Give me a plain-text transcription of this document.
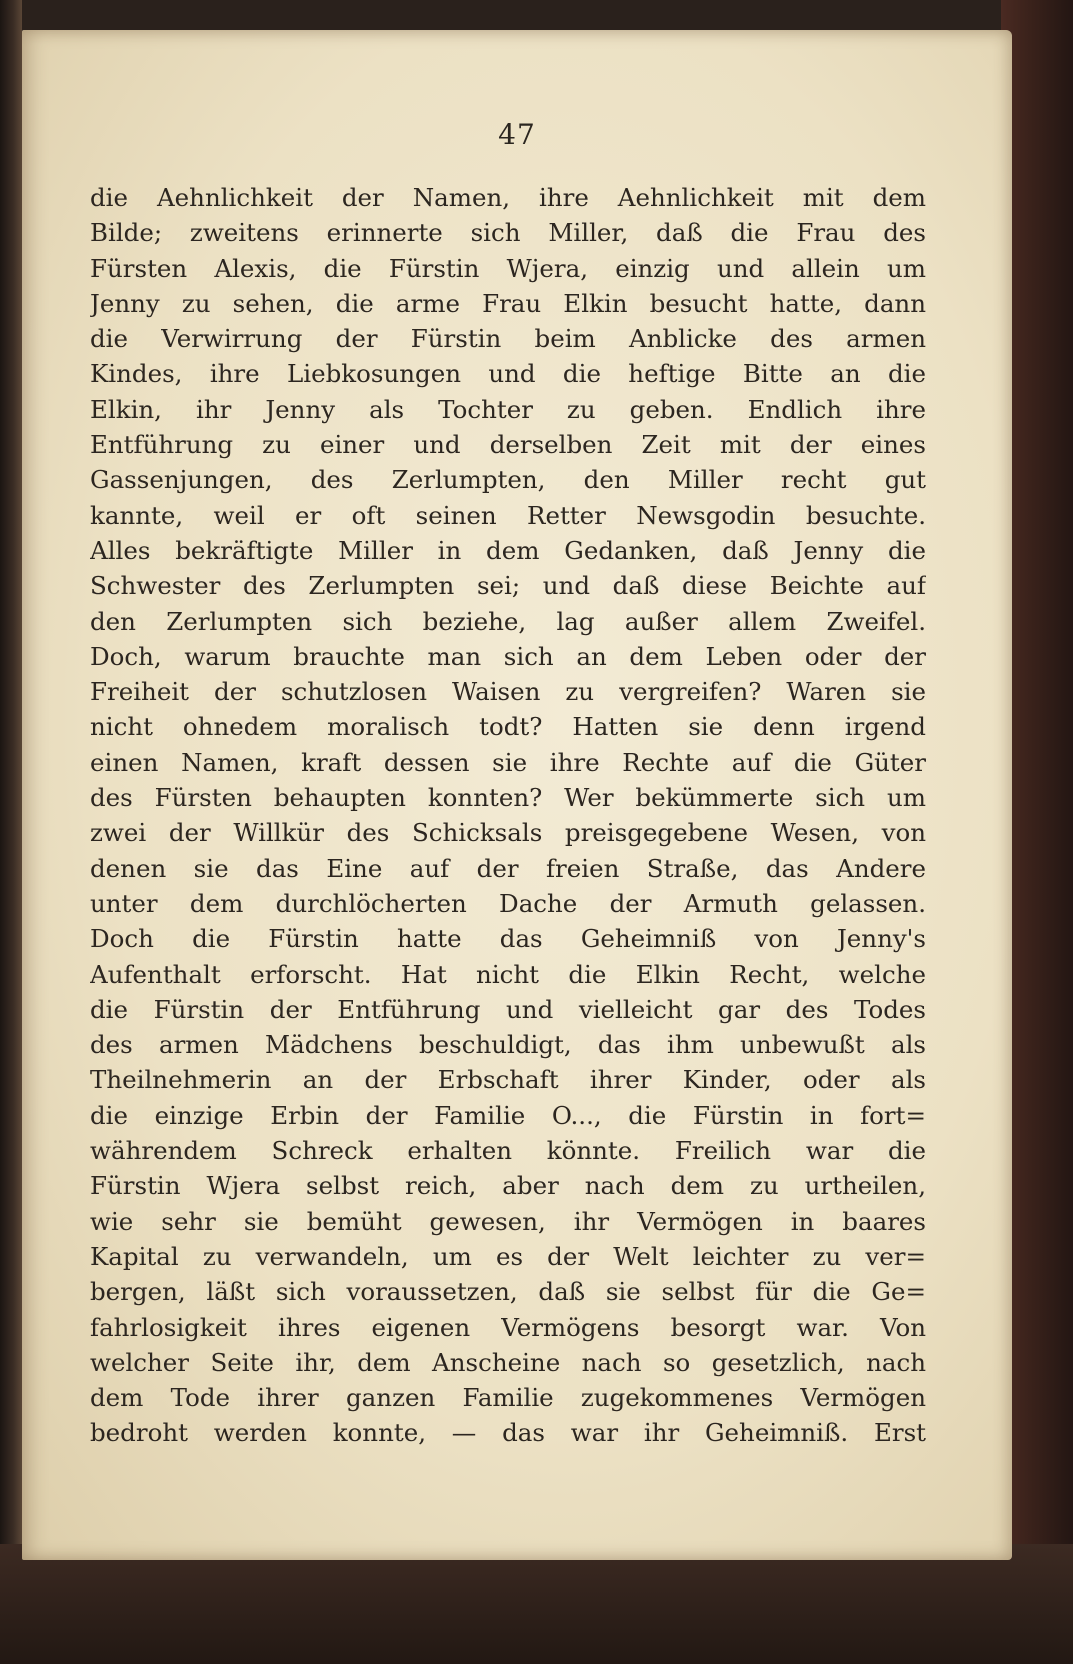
47
die Aehnlichkeit der Namen, ihre Aehnlichkeit mit dem
Bilde; zweitens erinnerte sich Miller, daß die Frau des
Fürsten Alexis, die Fürstin Wjera, einzig und allein um
Jenny zu sehen, die arme Frau Elkin besucht hatte, dann
die Verwirrung der Fürstin beim Anblicke des armen
Kindes, ihre Liebkosungen und die heftige Bitte an die
Elkin, ihr Jenny als Tochter zu geben. Endlich ihre
Entführung zu einer und derselben Zeit mit der eines
Gassenjungen, des Zerlumpten, den Miller recht gut
kannte, weil er oft seinen Retter Newsgodin besuchte.
Alles bekräftigte Miller in dem Gedanken, daß Jenny die
Schwester des Zerlumpten sei; und daß diese Beichte auf
den Zerlumpten sich beziehe, lag außer allem Zweifel.
Doch, warum brauchte man sich an dem Leben oder der
Freiheit der schutzlosen Waisen zu vergreifen? Waren sie
nicht ohnedem moralisch todt? Hatten sie denn irgend
einen Namen, kraft dessen sie ihre Rechte auf die Güter
des Fürsten behaupten konnten? Wer bekümmerte sich um
zwei der Willkür des Schicksals preisgegebene Wesen, von
denen sie das Eine auf der freien Straße, das Andere
unter dem durchlöcherten Dache der Armuth gelassen.
Doch die Fürstin hatte das Geheimniß von Jenny's
Aufenthalt erforscht. Hat nicht die Elkin Recht, welche
die Fürstin der Entführung und vielleicht gar des Todes
des armen Mädchens beschuldigt, das ihm unbewußt als
Theilnehmerin an der Erbschaft ihrer Kinder, oder als
die einzige Erbin der Familie O..., die Fürstin in fort=
währendem Schreck erhalten könnte. Freilich war die
Fürstin Wjera selbst reich, aber nach dem zu urtheilen,
wie sehr sie bemüht gewesen, ihr Vermögen in baares
Kapital zu verwandeln, um es der Welt leichter zu ver=
bergen, läßt sich voraussetzen, daß sie selbst für die Ge=
fahrlosigkeit ihres eigenen Vermögens besorgt war. Von
welcher Seite ihr, dem Anscheine nach so gesetzlich, nach
dem Tode ihrer ganzen Familie zugekommenes Vermögen
bedroht werden konnte, — das war ihr Geheimniß. Erst
